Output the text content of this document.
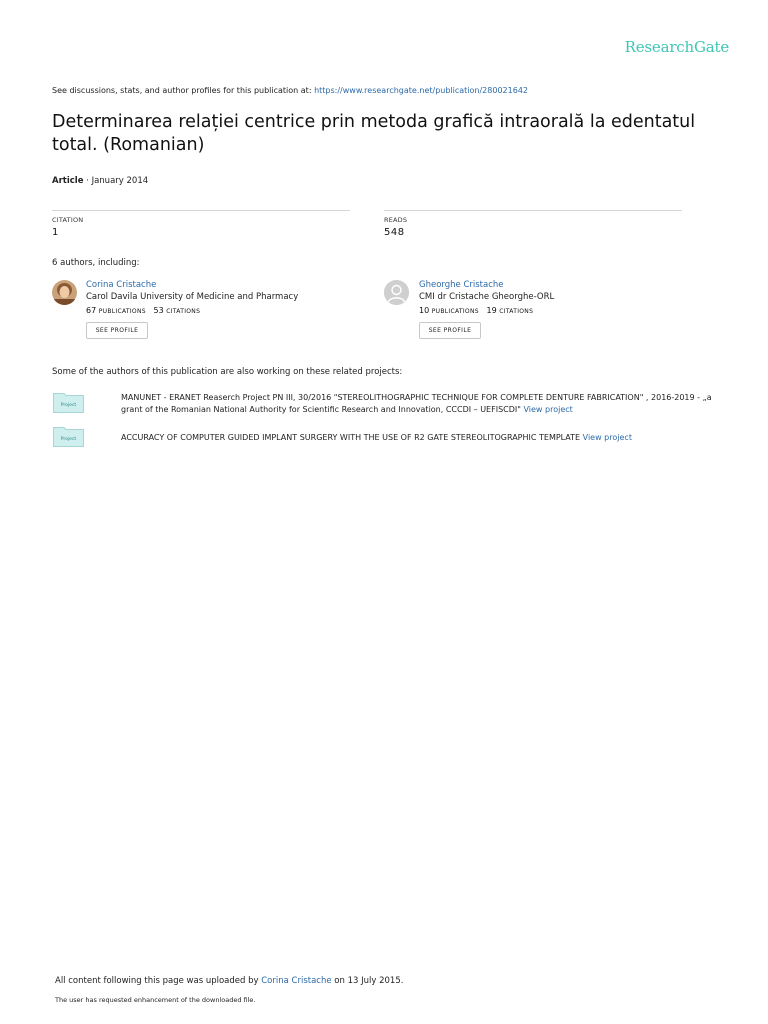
ResearchGate
See discussions, stats, and author profiles for this publication at: https://www.researchgate.net/publication/280021642
Determinarea relației centrice prin metoda grafică intraorală la edentatul total. (Romanian)
Article · January 2014
CITATION
1
READS
548
6 authors, including:
Corina Cristache
Carol Davila University of Medicine and Pharmacy
67 PUBLICATIONS 53 CITATIONS
SEE PROFILE
Gheorghe Cristache
CMI dr Cristache Gheorghe-ORL
10 PUBLICATIONS 19 CITATIONS
SEE PROFILE
Some of the authors of this publication are also working on these related projects:
Project
MANUNET - ERANET Reaserch Project PN III, 30/2016 "STEREOLITHOGRAPHIC TECHNIQUE FOR COMPLETE DENTURE FABRICATION" , 2016-2019 - „a grant of the Romanian National Authority for Scientific Research and Innovation, CCCDI – UEFISCDI" View project
Project	ACCURACY OF COMPUTER GUIDED IMPLANT SURGERY WITH THE USE OF R2 GATE STEREOLITOGRAPHIC TEMPLATE View project
All content following this page was uploaded by Corina Cristache on 13 July 2015.
The user has requested enhancement of the downloaded file.
